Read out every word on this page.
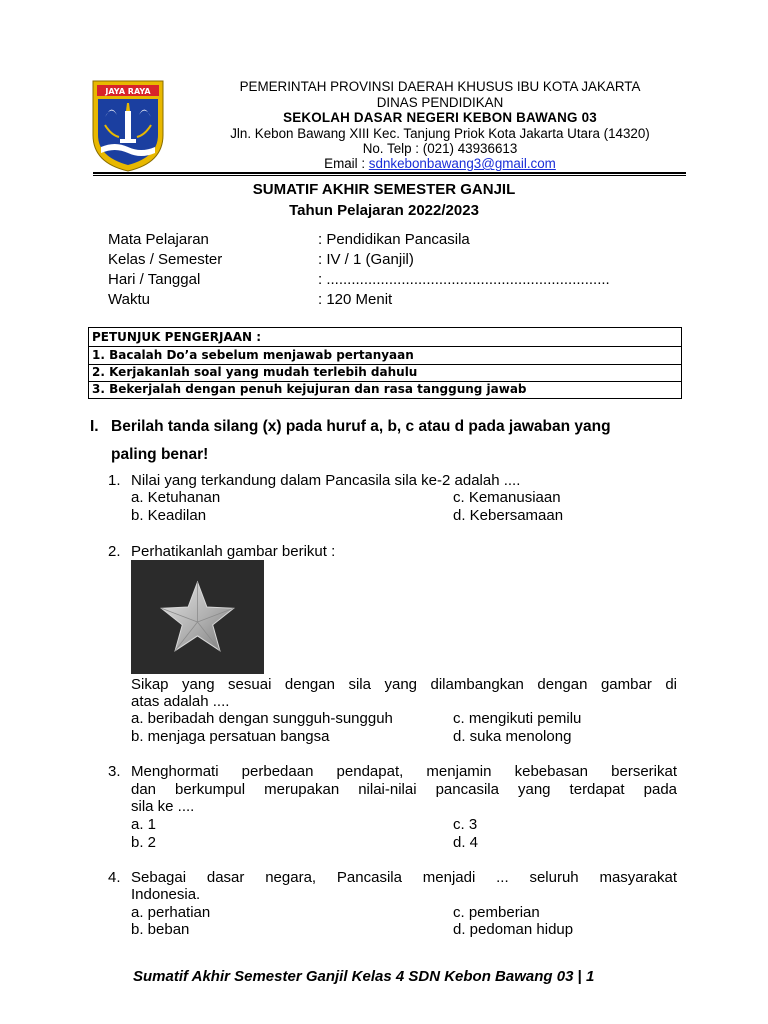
JAYA RAYA	PEMERINTAH PROVINSI DAERAH KHUSUS IBU KOTA JAKARTA
DINAS PENDIDIKAN
SEKOLAH DASAR NEGERI KEBON BAWANG 03
Jln. Kebon Bawang XIII Kec. Tanjung Priok Kota Jakarta Utara (14320)
No. Telp : (021) 43936613
Email : sdnkebonbawang3@gmail.com
SUMATIF AKHIR SEMESTER GANJIL
Tahun Pelajaran 2022/2023
Mata Pelajaran	: Pendidikan Pancasila
Kelas / Semester	: IV / 1 (Ganjil)
Hari / Tanggal	: ....................................................................
Waktu	: 120 Menit
PETUNJUK PENGERJAAN :
1. Bacalah Do’a sebelum menjawab pertanyaan
2. Kerjakanlah soal yang mudah terlebih dahulu
3. Bekerjalah dengan penuh kejujuran dan rasa tanggung jawab
I. Berilah tanda silang (x) pada huruf a, b, c atau d pada jawaban yang
paling benar!
1. Nilai yang terkandung dalam Pancasila sila ke-2 adalah ....
a. Ketuhanan
b. Keadilan
c. Kemanusiaan
d. Kebersamaan
2. Perhatikanlah gambar berikut :
Sikap yang sesuai dengan sila yang dilambangkan dengan gambar di
atas adalah ....
a. beribadah dengan sungguh-sungguh
b. menjaga persatuan bangsa
c. mengikuti pemilu
d. suka menolong
3. Menghormati perbedaan pendapat, menjamin kebebasan berserikat
dan berkumpul merupakan nilai-nilai pancasila yang terdapat pada
sila ke ....
a. 1
b. 2
c. 3
d. 4
4. Sebagai dasar negara, Pancasila menjadi ... seluruh masyarakat
Indonesia.
a. perhatian
b. beban
c. pemberian
d. pedoman hidup
Sumatif Akhir Semester Ganjil Kelas 4 SDN Kebon Bawang 03 | 1
